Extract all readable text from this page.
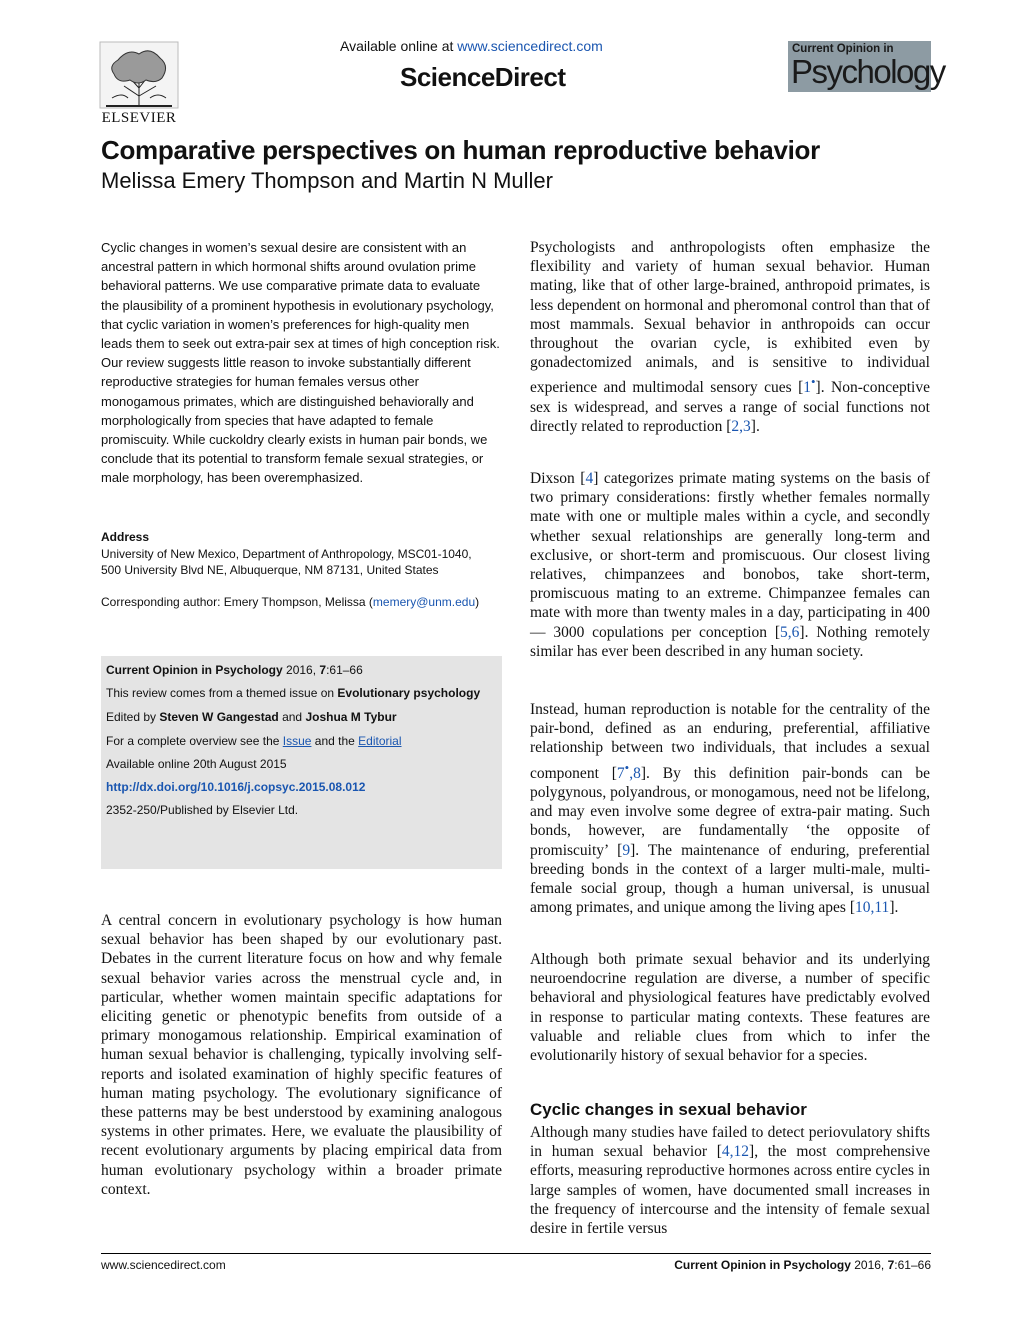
ELSEVIER
Available online at www.sciencedirect.com
ScienceDirect
Current Opinion in
Psychology
Comparative perspectives on human reproductive behavior
Melissa Emery Thompson and Martin N Muller
Cyclic changes in women’s sexual desire are consistent with an ancestral pattern in which hormonal shifts around ovulation prime behavioral patterns. We use comparative primate data to evaluate the plausibility of a prominent hypothesis in evolutionary psychology, that cyclic variation in women’s preferences for high-quality men leads them to seek out extra-pair sex at times of high conception risk. Our review suggests little reason to invoke substantially different reproductive strategies for human females versus other monogamous primates, which are distinguished behaviorally and morphologically from species that have adapted to female promiscuity. While cuckoldry clearly exists in human pair bonds, we conclude that its potential to transform female sexual strategies, or male morphology, has been overemphasized.
Address
University of New Mexico, Department of Anthropology, MSC01-1040,
500 University Blvd NE, Albuquerque, NM 87131, United States
Corresponding author: Emery Thompson, Melissa (memery@unm.edu)
Current Opinion in Psychology 2016, 7:61–66
This review comes from a themed issue on Evolutionary psychology
Edited by Steven W Gangestad and Joshua M Tybur
For a complete overview see the Issue and the Editorial
Available online 20th August 2015
http://dx.doi.org/10.1016/j.copsyc.2015.08.012
2352-250/Published by Elsevier Ltd.

A central concern in evolutionary psychology is how human sexual behavior has been shaped by our evolutionary past. Debates in the current literature focus on how and why female sexual behavior varies across the menstrual cycle and, in particular, whether women maintain specific adaptations for eliciting genetic or phenotypic benefits from outside of a primary monogamous relationship. Empirical examination of human sexual behavior is challenging, typically involving self-reports and isolated examination of highly specific features of human mating psychology. The evolutionary significance of these patterns may be best understood by examining analogous systems in other primates. Here, we evaluate the plausibility of recent evolutionary arguments by placing empirical data from human evolutionary psychology within a broader primate context.

Psychologists and anthropologists often emphasize the flexibility and variety of human sexual behavior. Human mating, like that of other large-brained, anthropoid primates, is less dependent on hormonal and pheromonal control than that of most mammals. Sexual behavior in anthropoids can occur throughout the ovarian cycle, is exhibited even by gonadectomized animals, and is sensitive to individual experience and multimodal sensory cues [1•]. Non-conceptive sex is widespread, and serves a range of social functions not directly related to reproduction [2,3].

Dixson [4] categorizes primate mating systems on the basis of two primary considerations: firstly whether females normally mate with one or multiple males within a cycle, and secondly whether sexual relationships are generally long-term and exclusive, or short-term and promiscuous. Our closest living relatives, chimpanzees and bonobos, take short-term, promiscuous mating to an extreme. Chimpanzee females can mate with more than twenty males in a day, participating in 400 — 3000 copulations per conception [5,6]. Nothing remotely similar has ever been described in any human society.

Instead, human reproduction is notable for the centrality of the pair-bond, defined as an enduring, preferential, affiliative relationship between two individuals, that includes a sexual component [7•,8]. By this definition pair-bonds can be polygynous, polyandrous, or monogamous, need not be lifelong, and may even involve some degree of extra-pair mating. Such bonds, however, are fundamentally ‘the opposite of promiscuity’ [9]. The maintenance of enduring, preferential breeding bonds in the context of a larger multi-male, multi-female social group, though a human universal, is unusual among primates, and unique among the living apes [10,11].

Although both primate sexual behavior and its underlying neuroendocrine regulation are diverse, a number of specific behavioral and physiological features have predictably evolved in response to particular mating contexts. These features are valuable and reliable clues from which to infer the evolutionarily history of sexual behavior for a species.

Cyclic changes in sexual behavior

Although many studies have failed to detect periovulatory shifts in human sexual behavior [4,12], the most comprehensive efforts, measuring reproductive hormones across entire cycles in large samples of women, have documented small increases in the frequency of intercourse and the intensity of female sexual desire in fertile versus

www.sciencedirect.com	Current Opinion in Psychology 2016, 7:61–66
